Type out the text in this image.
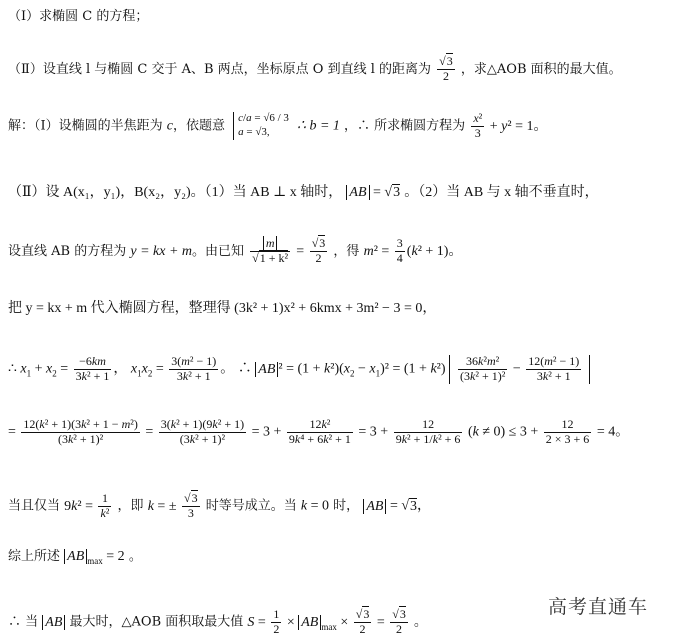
（Ⅰ）求椭圆 C 的方程；
（Ⅱ）设直线 l 与椭圆 C 交于 A、B 两点，坐标原点 O 到直线 l 的距离为 $\frac{√3}{2}$ ，求△AOB 面积的最大值。
解：（Ⅰ）设椭圆的半焦距为 c，依题意 c/a = √6 / 3
a = √3, ∴ b = 1 ，∴ 所求椭圆方程为 $\frac{\text{x²}}{3} + y^2 = 1$。
（Ⅱ）设 A(x₁，y₁)，B(x₂，y₂)。（1）当 AB ⊥ x 轴时， AB = √3 。（2）当 AB 与 x 轴不垂直时，
设直线 AB 的方程为 y = kx + m。由已知 $\frac{m}{\text{√1 + k²}} = \frac{√3}{2}$ ，得 $m^2 = \frac{3}{4} (k^2 + 1)$。
把 y = kx + m 代入椭圆方程，整理得 (3k² + 1)x² + 6kmx + 3m² − 3 = 0，
∴ $x_1 + x_2 = \frac{-6km}{\text{3k² + 1}}$ ， $x_1x_2 = \frac{\text{3(m² − 1)}}{\text{3k² + 1}}$ 。 ∴ AB $^2 = (1 + k^2)(x_2 - x_1)^2 = (1 + k^2) \frac{\text{36k²m²}}{\text{(3k² + 1)²}} - \frac{\text{12(m² − 1)}}{\text{3k² + 1}}$
= $\frac{\text{12(k² + 1)(3k² + 1 − m²)}}{\text{(3k² + 1)²}} = \frac{\text{3(k² + 1)(9k² + 1)}}{\text{(3k² + 1)²}} = 3 + \frac{\text{12k²}}{\text{9k⁴ + 6k² + 1}} = 3 + \frac{12}{\text{9k² + 1/k² + 6}} (k \ne 0) \le 3 + \frac{12}{2 \times 3 + 6} = 4$。
当且仅当 $9k^2 = \frac{1}{\text{k²}}$ ，即 k = ± $\frac{√3}{3}$ 时等号成立。当 k = 0 时， AB = √3，
综上所述 AB $_{max}$ = 2 。
∴ 当 AB 最大时，△AOB 面积取最大值 $S = \frac{1}{2}$ × AB $_{max} \times \frac{√3}{2} = \frac{√3}{2}$ 。
高考直通车
